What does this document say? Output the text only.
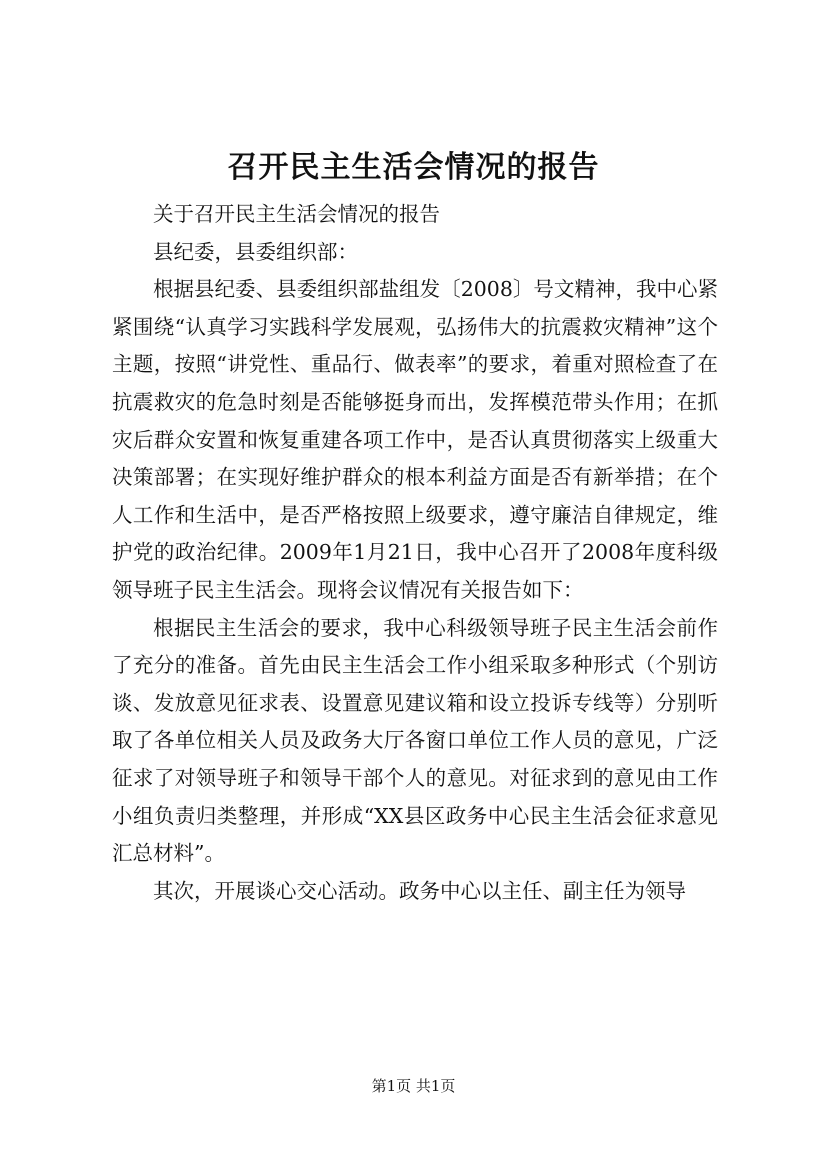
召开民主生活会情况的报告

关于召开民主生活会情况的报告

县纪委，县委组织部：

根据县纪委、县委组织部盐组发〔2008〕号文精神，我中心紧紧围绕“认真学习实践科学发展观，弘扬伟大的抗震救灾精神”这个主题，按照“讲党性、重品行、做表率”的要求，着重对照检查了在抗震救灾的危急时刻是否能够挺身而出，发挥模范带头作用；在抓灾后群众安置和恢复重建各项工作中，是否认真贯彻落实上级重大决策部署；在实现好维护群众的根本利益方面是否有新举措；在个人工作和生活中，是否严格按照上级要求，遵守廉洁自律规定，维护党的政治纪律。2009年1月21日，我中心召开了2008年度科级领导班子民主生活会。现将会议情况有关报告如下：

根据民主生活会的要求，我中心科级领导班子民主生活会前作了充分的准备。首先由民主生活会工作小组采取多种形式（个别访谈、发放意见征求表、设置意见建议箱和设立投诉专线等）分别听取了各单位相关人员及政务大厅各窗口单位工作人员的意见，广泛征求了对领导班子和领导干部个人的意见。对征求到的意见由工作小组负责归类整理，并形成“XX县区政务中心民主生活会征求意见汇总材料”。

其次，开展谈心交心活动。政务中心以主任、副主任为领导

第1页 共1页
